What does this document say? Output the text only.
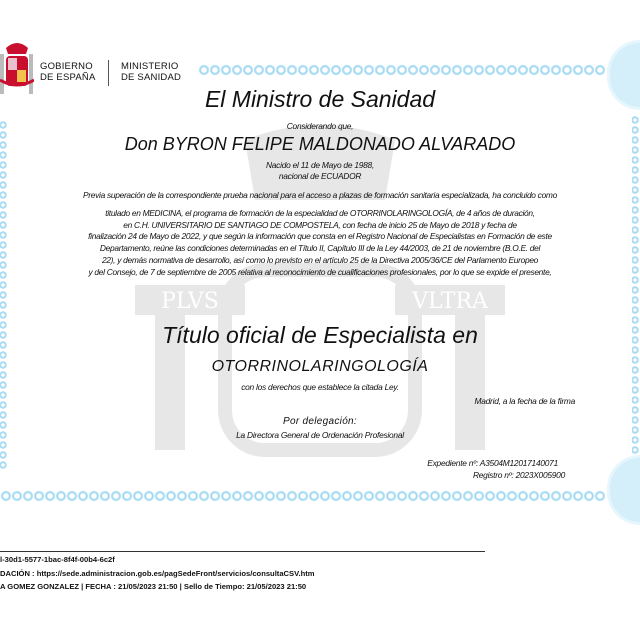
GOBIERNO
DE ESPAÑA
MINISTERIO
DE SANIDAD
PLVS	VLTRA
El Ministro de Sanidad
Considerando que,
Don BYRON FELIPE MALDONADO ALVARADO
Nacido el 11 de Mayo de 1988,
nacional de ECUADOR

Previa superación de la correspondiente prueba nacional para el acceso a plazas de formación sanitaria especializada, ha concluido como

titulado en MEDICINA, el programa de formación de la especialidad de OTORRINOLARINGOLOGÍA, de 4 años de duración,

en C.H. UNIVERSITARIO DE SANTIAGO DE COMPOSTELA, con fecha de inicio 25 de Mayo de 2018 y fecha de

finalización 24 de Mayo de 2022, y que según la información que consta en el Registro Nacional de Especialistas en Formación de este

Departamento, reúne las condiciones determinadas en el Título II, Capítulo III de la Ley 44/2003, de 21 de noviembre (B.O.E. del

22), y demás normativa de desarrollo, así como lo previsto en el artículo 25 de la Directiva 2005/36/CE del Parlamento Europeo

y del Consejo, de 7 de septiembre de 2005 relativa al reconocimiento de cualificaciones profesionales, por lo que se expide el presente,

Título oficial de Especialista en
OTORRINOLARINGOLOGÍA
con los derechos que establece la citada Ley.
Madrid, a la fecha de la firma
Por delegación:
La Directora General de Ordenación Profesional
Expediente nº: A3504M12017140071
Registro nº: 2023X005900
l-30d1-5577-1bac-8f4f-00b4-6c2f
DACIÓN : https://sede.administracion.gob.es/pagSedeFront/servicios/consultaCSV.htm
A GOMEZ GONZALEZ | FECHA : 21/05/2023 21:50 | Sello de Tiempo: 21/05/2023 21:50
